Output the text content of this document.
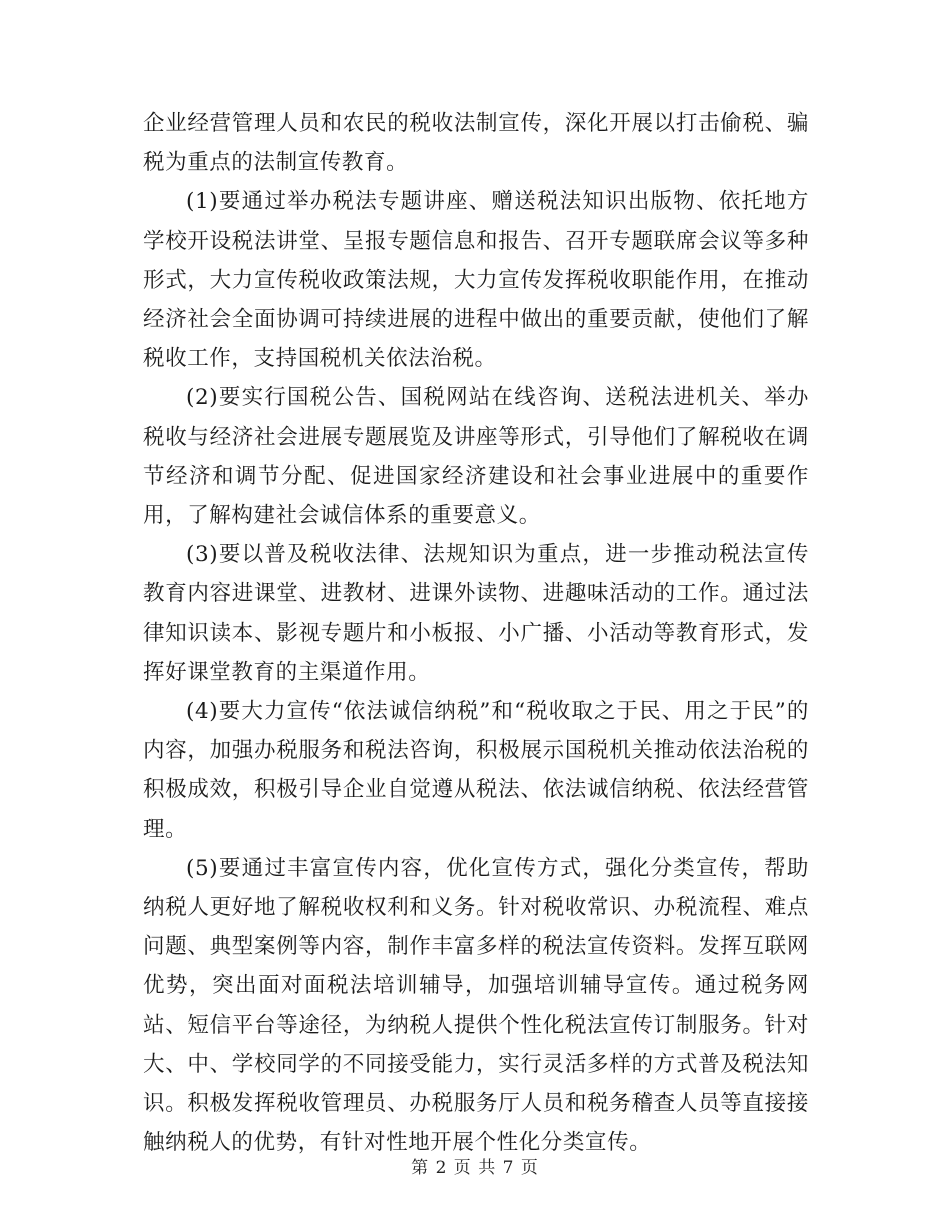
企业经营管理人员和农民的税收法制宣传，深化开展以打击偷税、骗税为重点的法制宣传教育。

(1)要通过举办税法专题讲座、赠送税法知识出版物、依托地方学校开设税法讲堂、呈报专题信息和报告、召开专题联席会议等多种形式，大力宣传税收政策法规，大力宣传发挥税收职能作用，在推动经济社会全面协调可持续进展的进程中做出的重要贡献，使他们了解税收工作，支持国税机关依法治税。

(2)要实行国税公告、国税网站在线咨询、送税法进机关、举办税收与经济社会进展专题展览及讲座等形式，引导他们了解税收在调节经济和调节分配、促进国家经济建设和社会事业进展中的重要作用，了解构建社会诚信体系的重要意义。

(3)要以普及税收法律、法规知识为重点，进一步推动税法宣传教育内容进课堂、进教材、进课外读物、进趣味活动的工作。通过法律知识读本、影视专题片和小板报、小广播、小活动等教育形式，发挥好课堂教育的主渠道作用。

(4)要大力宣传“依法诚信纳税”和“税收取之于民、用之于民”的内容，加强办税服务和税法咨询，积极展示国税机关推动依法治税的积极成效，积极引导企业自觉遵从税法、依法诚信纳税、依法经营管理。

(5)要通过丰富宣传内容，优化宣传方式，强化分类宣传，帮助纳税人更好地了解税收权利和义务。针对税收常识、办税流程、难点问题、典型案例等内容，制作丰富多样的税法宣传资料。发挥互联网优势，突出面对面税法培训辅导，加强培训辅导宣传。通过税务网站、短信平台等途径，为纳税人提供个性化税法宣传订制服务。针对大、中、学校同学的不同接受能力，实行灵活多样的方式普及税法知识。积极发挥税收管理员、办税服务厅人员和税务稽查人员等直接接触纳税人的优势，有针对性地开展个性化分类宣传。

第 2 页 共 7 页
